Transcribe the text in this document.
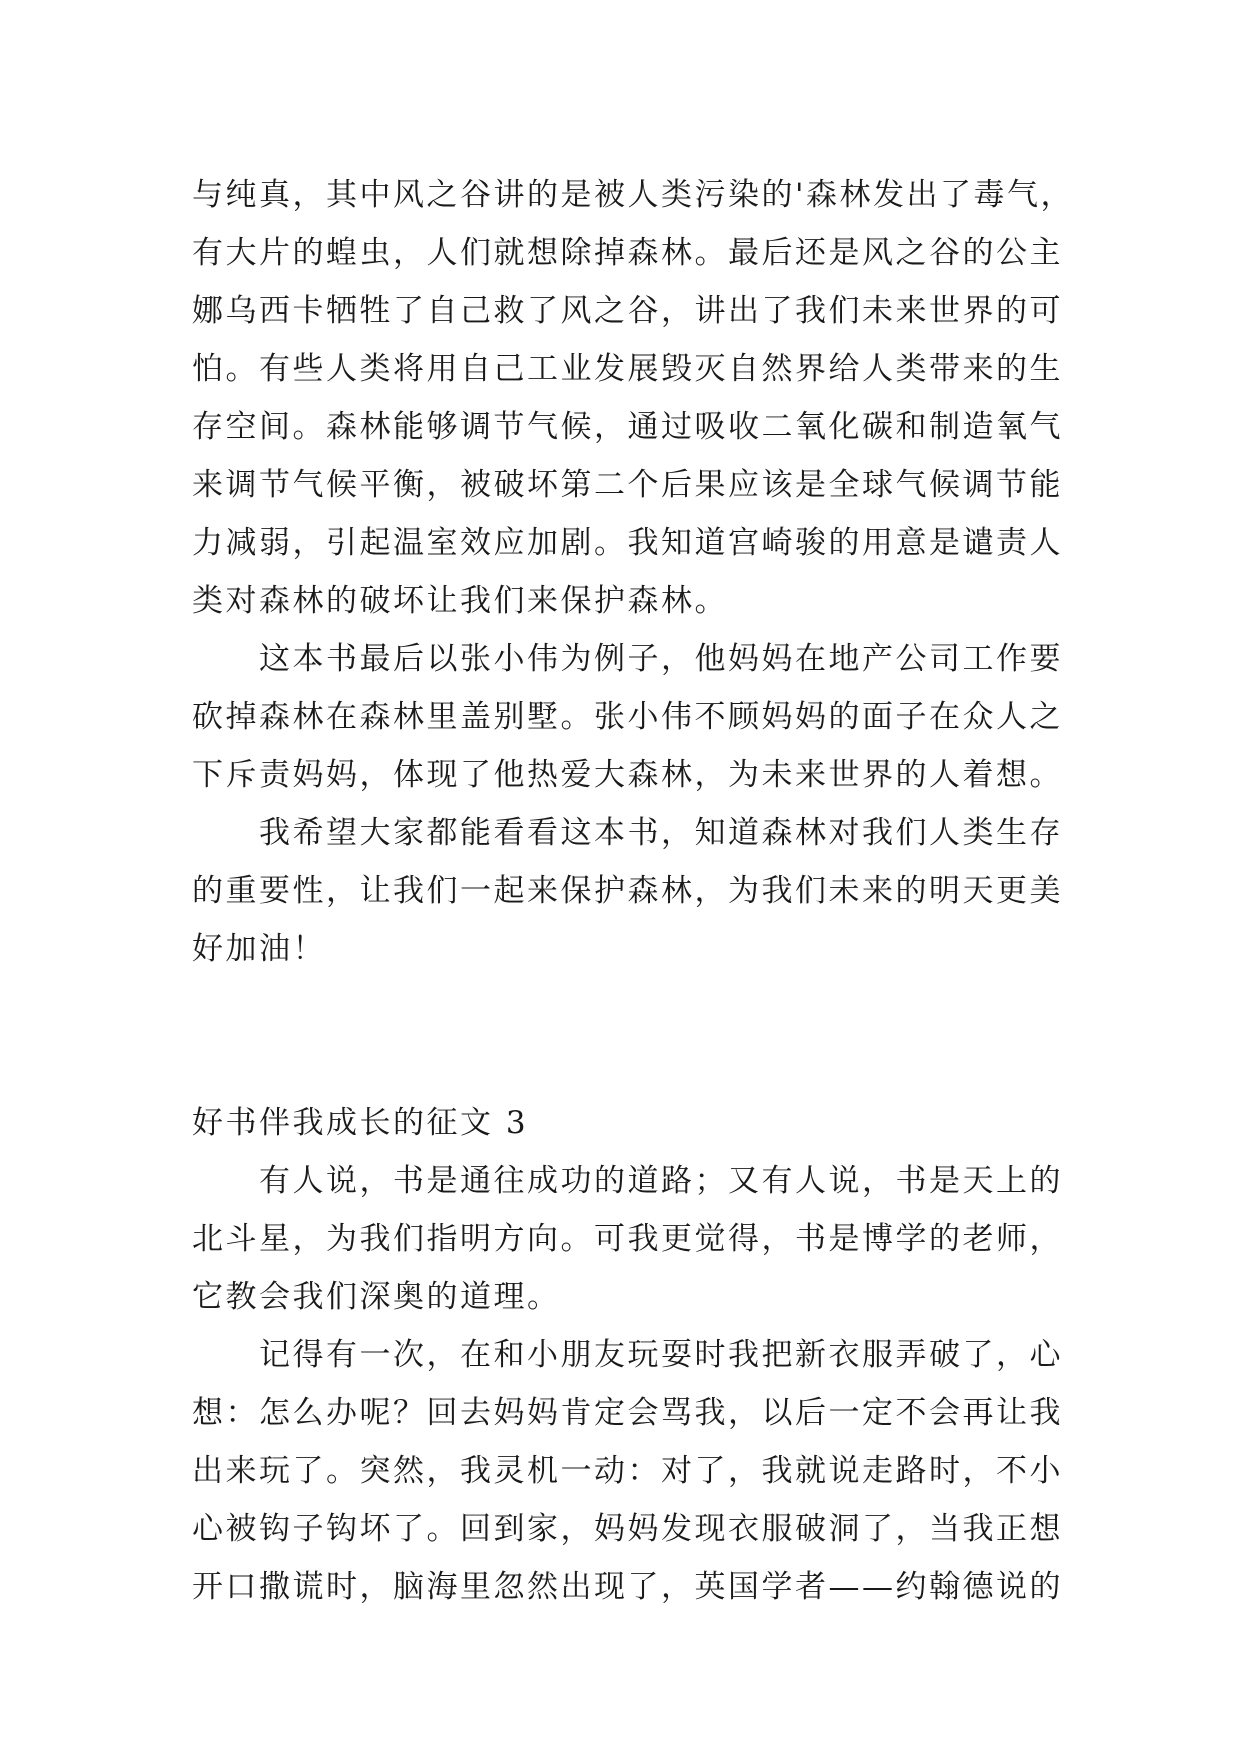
与纯真，其中风之谷讲的是被人类污染的'森林发出了毒气，

有大片的蝗虫，人们就想除掉森林。最后还是风之谷的公主

娜乌西卡牺牲了自己救了风之谷，讲出了我们未来世界的可

怕。有些人类将用自己工业发展毁灭自然界给人类带来的生

存空间。森林能够调节气候，通过吸收二氧化碳和制造氧气

来调节气候平衡，被破坏第二个后果应该是全球气候调节能

力减弱，引起温室效应加剧。我知道宫崎骏的用意是谴责人

类对森林的破坏让我们来保护森林。

　　这本书最后以张小伟为例子，他妈妈在地产公司工作要

砍掉森林在森林里盖别墅。张小伟不顾妈妈的面子在众人之

下斥责妈妈，体现了他热爱大森林，为未来世界的人着想。

　　我希望大家都能看看这本书，知道森林对我们人类生存

的重要性，让我们一起来保护森林，为我们未来的明天更美

好加油！

好书伴我成长的征文 3

　　有人说，书是通往成功的道路；又有人说，书是天上的

北斗星，为我们指明方向。可我更觉得，书是博学的老师，

它教会我们深奥的道理。

　　记得有一次，在和小朋友玩耍时我把新衣服弄破了，心

想：怎么办呢？回去妈妈肯定会骂我，以后一定不会再让我

出来玩了。突然，我灵机一动：对了，我就说走路时，不小

心被钩子钩坏了。回到家，妈妈发现衣服破洞了，当我正想

开口撒谎时，脑海里忽然出现了，英国学者——约翰德说的
